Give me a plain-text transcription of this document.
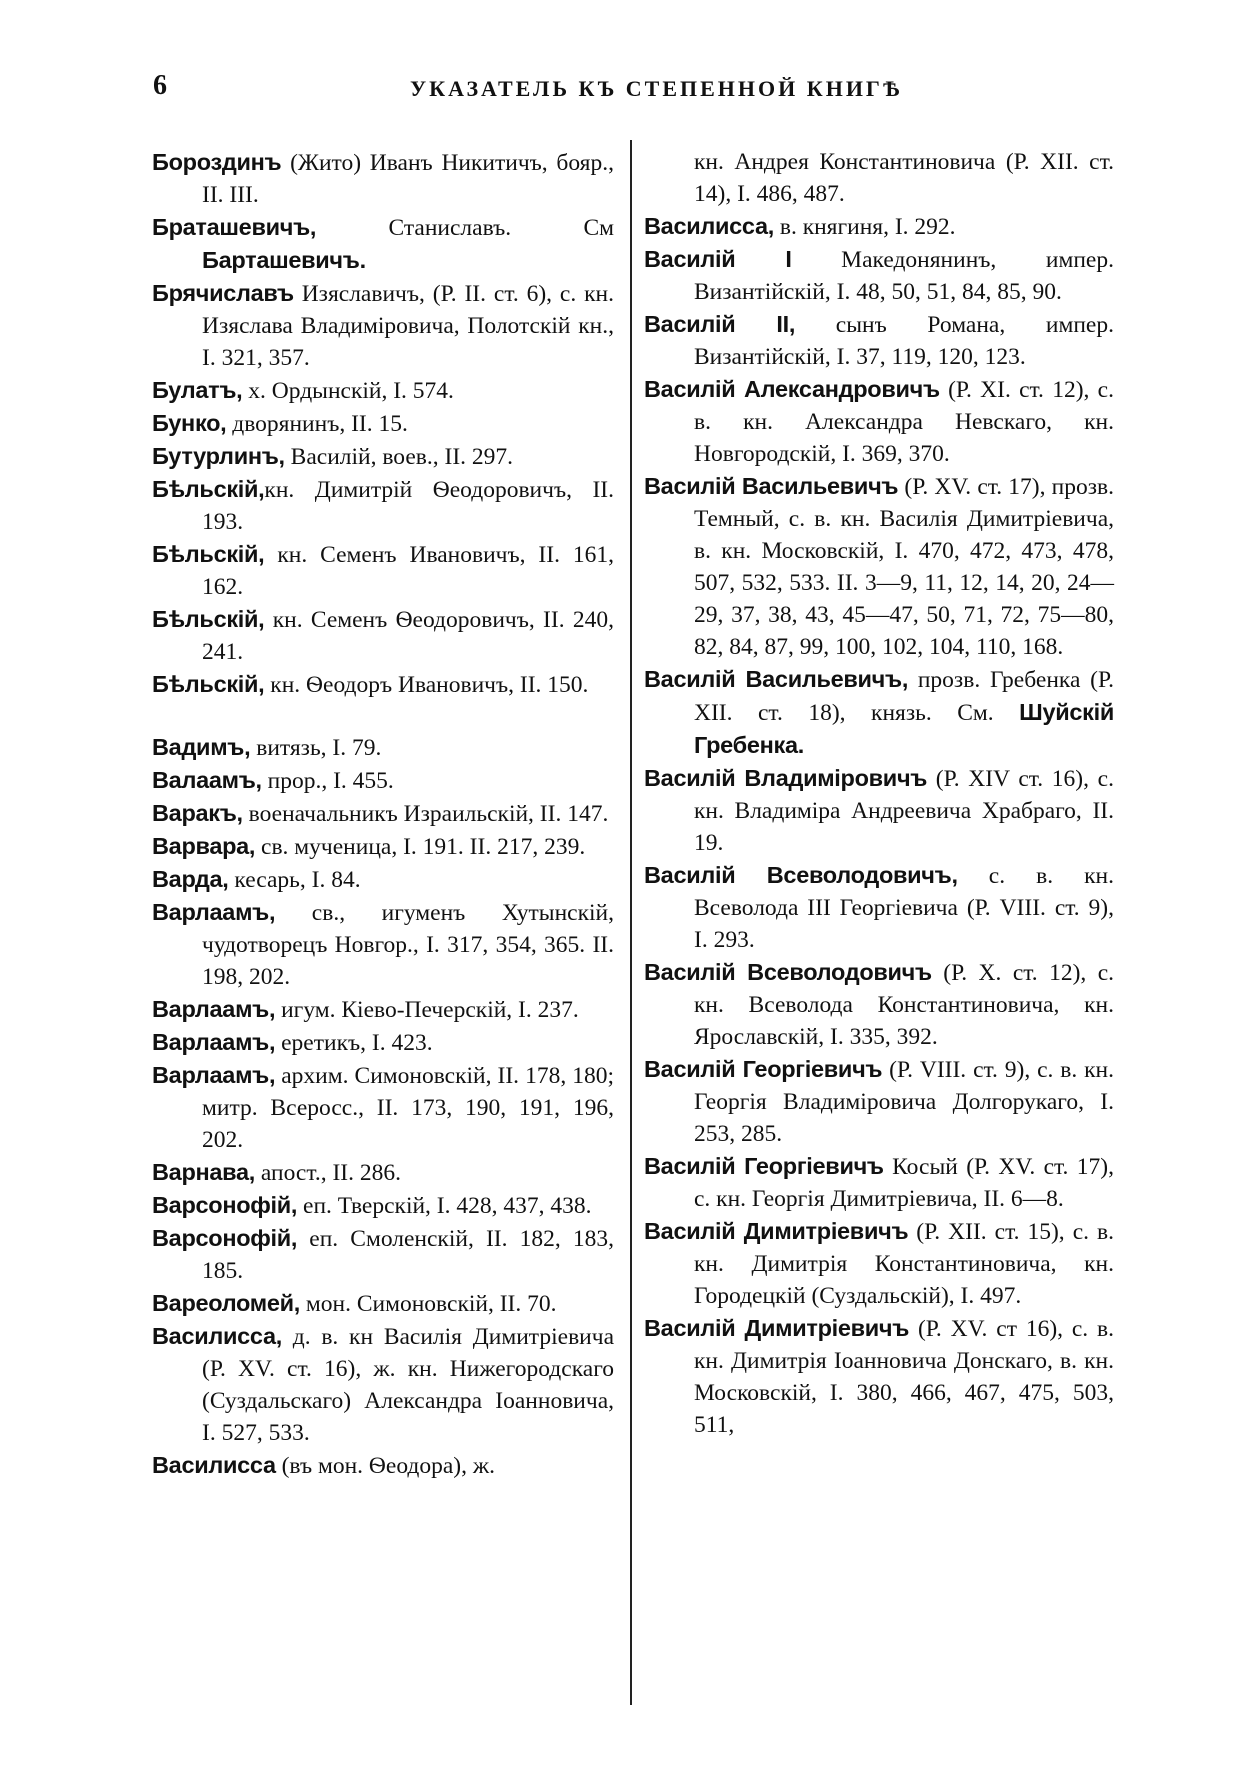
6	УКАЗАТЕЛЬ КЪ СТЕПЕННОЙ КНИГѢ

Бороздинъ (Жито) Иванъ Никитичъ, бояр., II. III.

Браташевичъ, Станиславъ. См Барташевичъ.

Брячиславъ Изяславичъ, (Р. II. ст. 6), с. кн. Изяслава Владиміровича, Полотскій кн., I. 321, 357.

Булатъ, х. Ордынскій, I. 574.

Бунко, дворянинъ, II. 15.

Бутурлинъ, Василій, воев., II. 297.

Бѣльскій,кн. Димитрій Ѳеодоровичъ, II. 193.

Бѣльскій, кн. Семенъ Ивановичъ, II. 161, 162.

Бѣльскій, кн. Семенъ Ѳеодоровичъ, II. 240, 241.

Бѣльскій, кн. Ѳеодоръ Ивановичъ, II. 150.

Вадимъ, витязь, I. 79.

Валаамъ, прор., I. 455.

Варакъ, военачальникъ Израильскій, II. 147.

Варвара, св. мученица, I. 191. II. 217, 239.

Варда, кесарь, I. 84.

Варлаамъ, св., игуменъ Хутынскій, чудотворецъ Новгор., I. 317, 354, 365. II. 198, 202.

Варлаамъ, игум. Кіево-Печерскій, I. 237.

Варлаамъ, еретикъ, I. 423.

Варлаамъ, архим. Симоновскій, II. 178, 180; митр. Всеросс., II. 173, 190, 191, 196, 202.

Варнава, апост., II. 286.

Варсонофій, еп. Тверскій, I. 428, 437, 438.

Варсонофій, еп. Смоленскій, II. 182, 183, 185.

Вареоломей, мон. Симоновскій, II. 70.

Василисса, д. в. кн Василія Димитріевича (Р. XV. ст. 16), ж. кн. Нижегородскаго (Суздальскаго) Александра Іоанновича, I. 527, 533.

Василисса (въ мон. Ѳеодора), ж.

кн. Андрея Константиновича (Р. XII. ст. 14), I. 486, 487.

Василисса, в. княгиня, I. 292.

Василій I Македонянинъ, импер. Византійскій, I. 48, 50, 51, 84, 85, 90.

Василій II, сынъ Романа, импер. Византійскій, I. 37, 119, 120, 123.

Василій Александровичъ (Р. XI. ст. 12), с. в. кн. Александра Невскаго, кн. Новгородскій, I. 369, 370.

Василій Васильевичъ (Р. XV. ст. 17), прозв. Темный, с. в. кн. Василія Димитріевича, в. кн. Московскій, I. 470, 472, 473, 478, 507, 532, 533. II. 3—9, 11, 12, 14, 20, 24—29, 37, 38, 43, 45—47, 50, 71, 72, 75—80, 82, 84, 87, 99, 100, 102, 104, 110, 168.

Василій Васильевичъ, прозв. Гребенка (Р. XII. ст. 18), князь. См. Шуйскій Гребенка.

Василій Владиміровичъ (Р. XIV ст. 16), с. кн. Владиміра Андреевича Храбраго, II. 19.

Василій Всеволодовичъ, с. в. кн. Всеволода III Георгіевича (Р. VIII. ст. 9), I. 293.

Василій Всеволодовичъ (Р. X. ст. 12), с. кн. Всеволода Константиновича, кн. Ярославскій, I. 335, 392.

Василій Георгіевичъ (Р. VIII. ст. 9), с. в. кн. Георгія Владиміровича Долгорукаго, I. 253, 285.

Василій Георгіевичъ Косый (Р. XV. ст. 17), с. кн. Георгія Димитріевича, II. 6—8.

Василій Димитріевичъ (Р. XII. ст. 15), с. в. кн. Димитрія Константиновича, кн. Городецкій (Суздальскій), I. 497.

Василій Димитріевичъ (Р. XV. ст 16), с. в. кн. Димитрія Іоанновича Донскаго, в. кн. Московскій, I. 380, 466, 467, 475, 503, 511,
